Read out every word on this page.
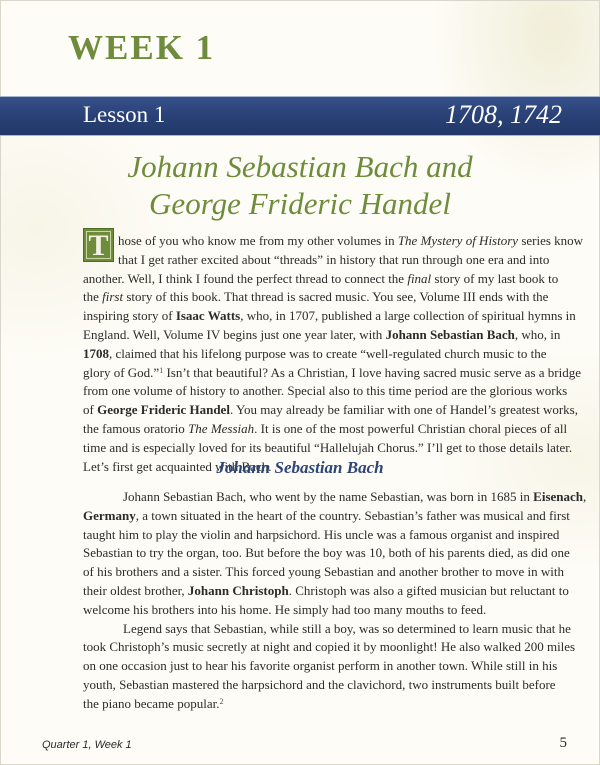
WEEK 1
Lesson 1	1708, 1742
Johann Sebastian Bach and
George Frideric Handel
T hose of you who know me from my other volumes in The Mystery of History series know
that I get rather excited about “threads” in history that run through one era and into
another. Well, I think I found the perfect thread to connect the final story of my last book to
the first story of this book. That thread is sacred music. You see, Volume III ends with the
inspiring story of Isaac Watts, who, in 1707, published a large collection of spiritual hymns in
England. Well, Volume IV begins just one year later, with Johann Sebastian Bach, who, in
1708, claimed that his lifelong purpose was to create “well-regulated church music to the
glory of God.”$^1$ Isn’t that beautiful? As a Christian, I love having sacred music serve as a bridge
from one volume of history to another. Special also to this time period are the glorious works
of George Frideric Handel. You may already be familiar with one of Handel’s greatest works,
the famous oratorio The Messiah. It is one of the most powerful Christian choral pieces of all
time and is especially loved for its beautiful “Hallelujah Chorus.” I’ll get to those details later.
Let’s first get acquainted with Bach.
Johann Sebastian Bach
Johann Sebastian Bach, who went by the name Sebastian, was born in 1685 in Eisenach,
Germany, a town situated in the heart of the country. Sebastian’s father was musical and first
taught him to play the violin and harpsichord. His uncle was a famous organist and inspired
Sebastian to try the organ, too. But before the boy was 10, both of his parents died, as did one
of his brothers and a sister. This forced young Sebastian and another brother to move in with
their oldest brother, Johann Christoph. Christoph was also a gifted musician but reluctant to
welcome his brothers into his home. He simply had too many mouths to feed.
Legend says that Sebastian, while still a boy, was so determined to learn music that he
took Christoph’s music secretly at night and copied it by moonlight! He also walked 200 miles
on one occasion just to hear his favorite organist perform in another town. While still in his
youth, Sebastian mastered the harpsichord and the clavichord, two instruments built before
the piano became popular.$^2$
Quarter 1, Week 1	5
